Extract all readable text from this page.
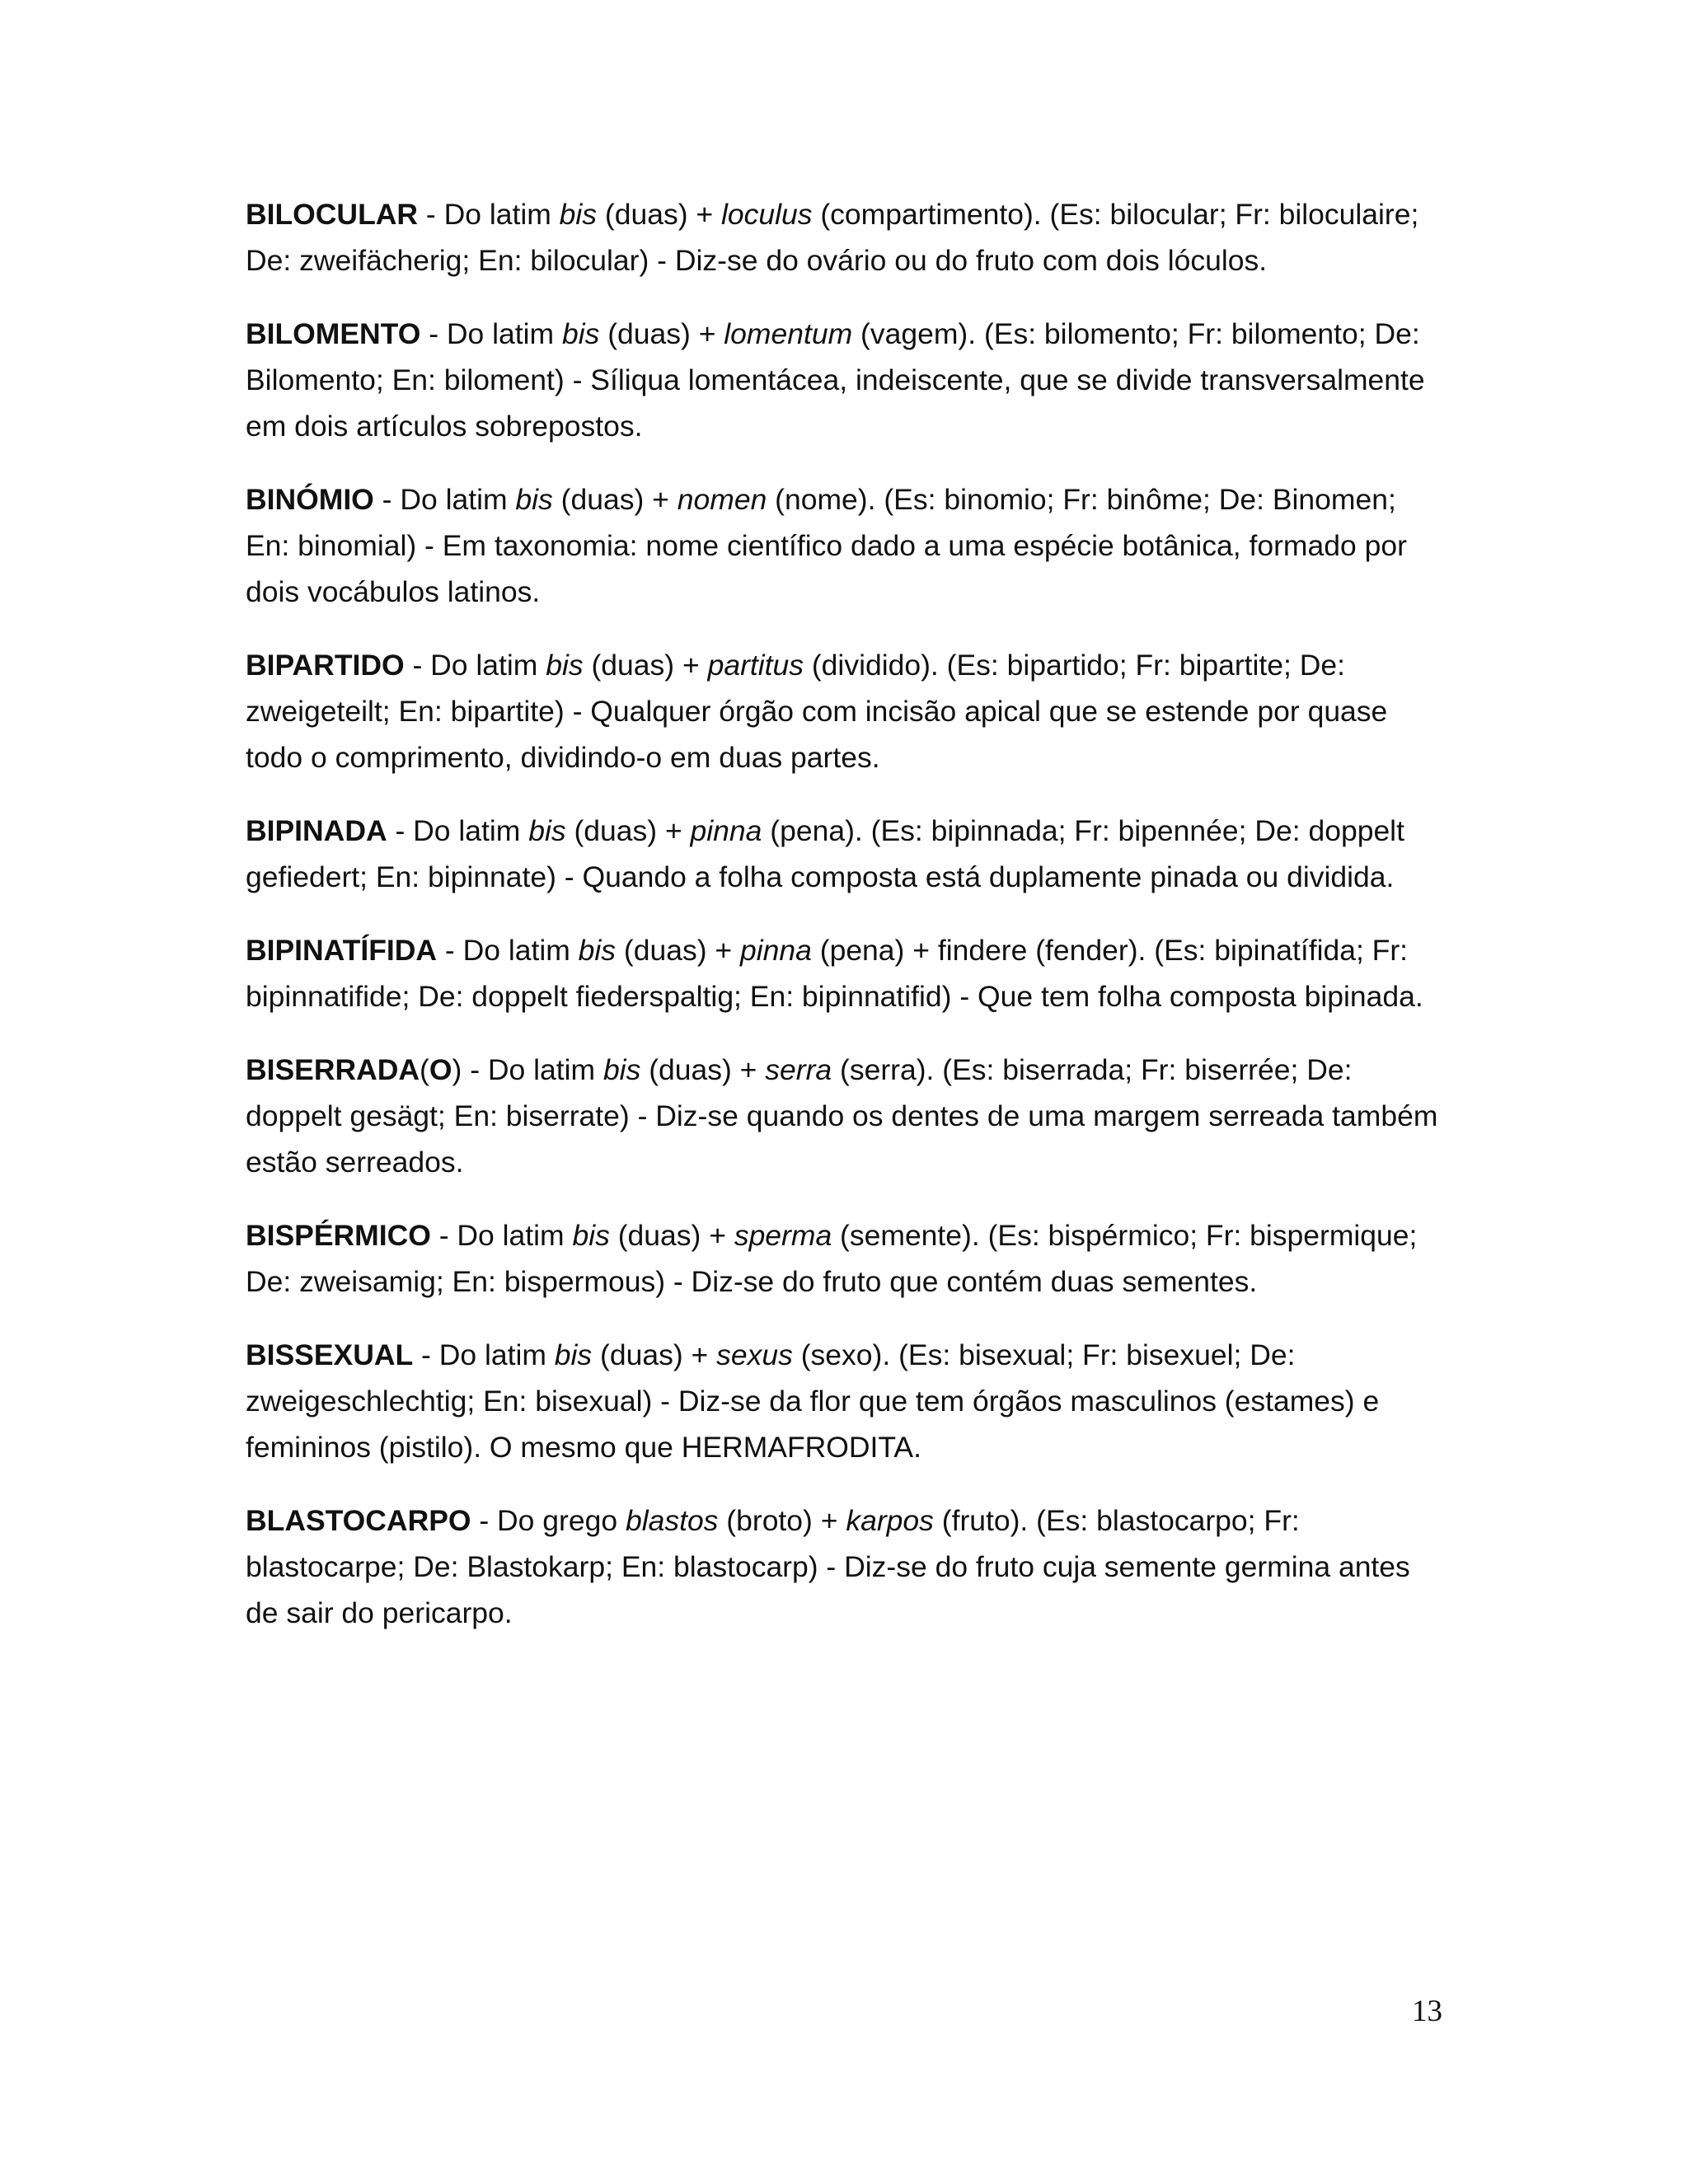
BILOCULAR - Do latim bis (duas) + loculus (compartimento). (Es: bilocular; Fr: biloculaire; De: zweifächerig; En: bilocular) - Diz-se do ovário ou do fruto com dois lóculos.

BILOMENTO - Do latim bis (duas) + lomentum (vagem). (Es: bilomento; Fr: bilomento; De: Bilomento; En: biloment) - Síliqua lomentácea, indeiscente, que se divide transversalmente em dois artículos sobrepostos.

BINÓMIO - Do latim bis (duas) + nomen (nome). (Es: binomio; Fr: binôme; De: Binomen; En: binomial) - Em taxonomia: nome científico dado a uma espécie botânica, formado por dois vocábulos latinos.

BIPARTIDO - Do latim bis (duas) + partitus (dividido). (Es: bipartido; Fr: bipartite; De: zweigeteilt; En: bipartite) - Qualquer órgão com incisão apical que se estende por quase todo o comprimento, dividindo-o em duas partes.

BIPINADA - Do latim bis (duas) + pinna (pena). (Es: bipinnada; Fr: bipennée; De: doppelt gefiedert; En: bipinnate) - Quando a folha composta está duplamente pinada ou dividida.

BIPINATÍFIDA - Do latim bis (duas) + pinna (pena) + findere (fender). (Es: bipinatífida; Fr: bipinnatifide; De: doppelt fiederspaltig; En: bipinnatifid) - Que tem folha composta bipinada.

BISERRADA(O) - Do latim bis (duas) + serra (serra). (Es: biserrada; Fr: biserrée; De: doppelt gesägt; En: biserrate) - Diz-se quando os dentes de uma margem serreada também estão serreados.

BISPÉRMICO - Do latim bis (duas) + sperma (semente). (Es: bispérmico; Fr: bispermique; De: zweisamig; En: bispermous) - Diz-se do fruto que contém duas sementes.

BISSEXUAL - Do latim bis (duas) + sexus (sexo). (Es: bisexual; Fr: bisexuel; De: zweigeschlechtig; En: bisexual) - Diz-se da flor que tem órgãos masculinos (estames) e femininos (pistilo). O mesmo que HERMAFRODITA.

BLASTOCARPO - Do grego blastos (broto) + karpos (fruto). (Es: blastocarpo; Fr: blastocarpe; De: Blastokarp; En: blastocarp) - Diz-se do fruto cuja semente germina antes de sair do pericarpo.

13
